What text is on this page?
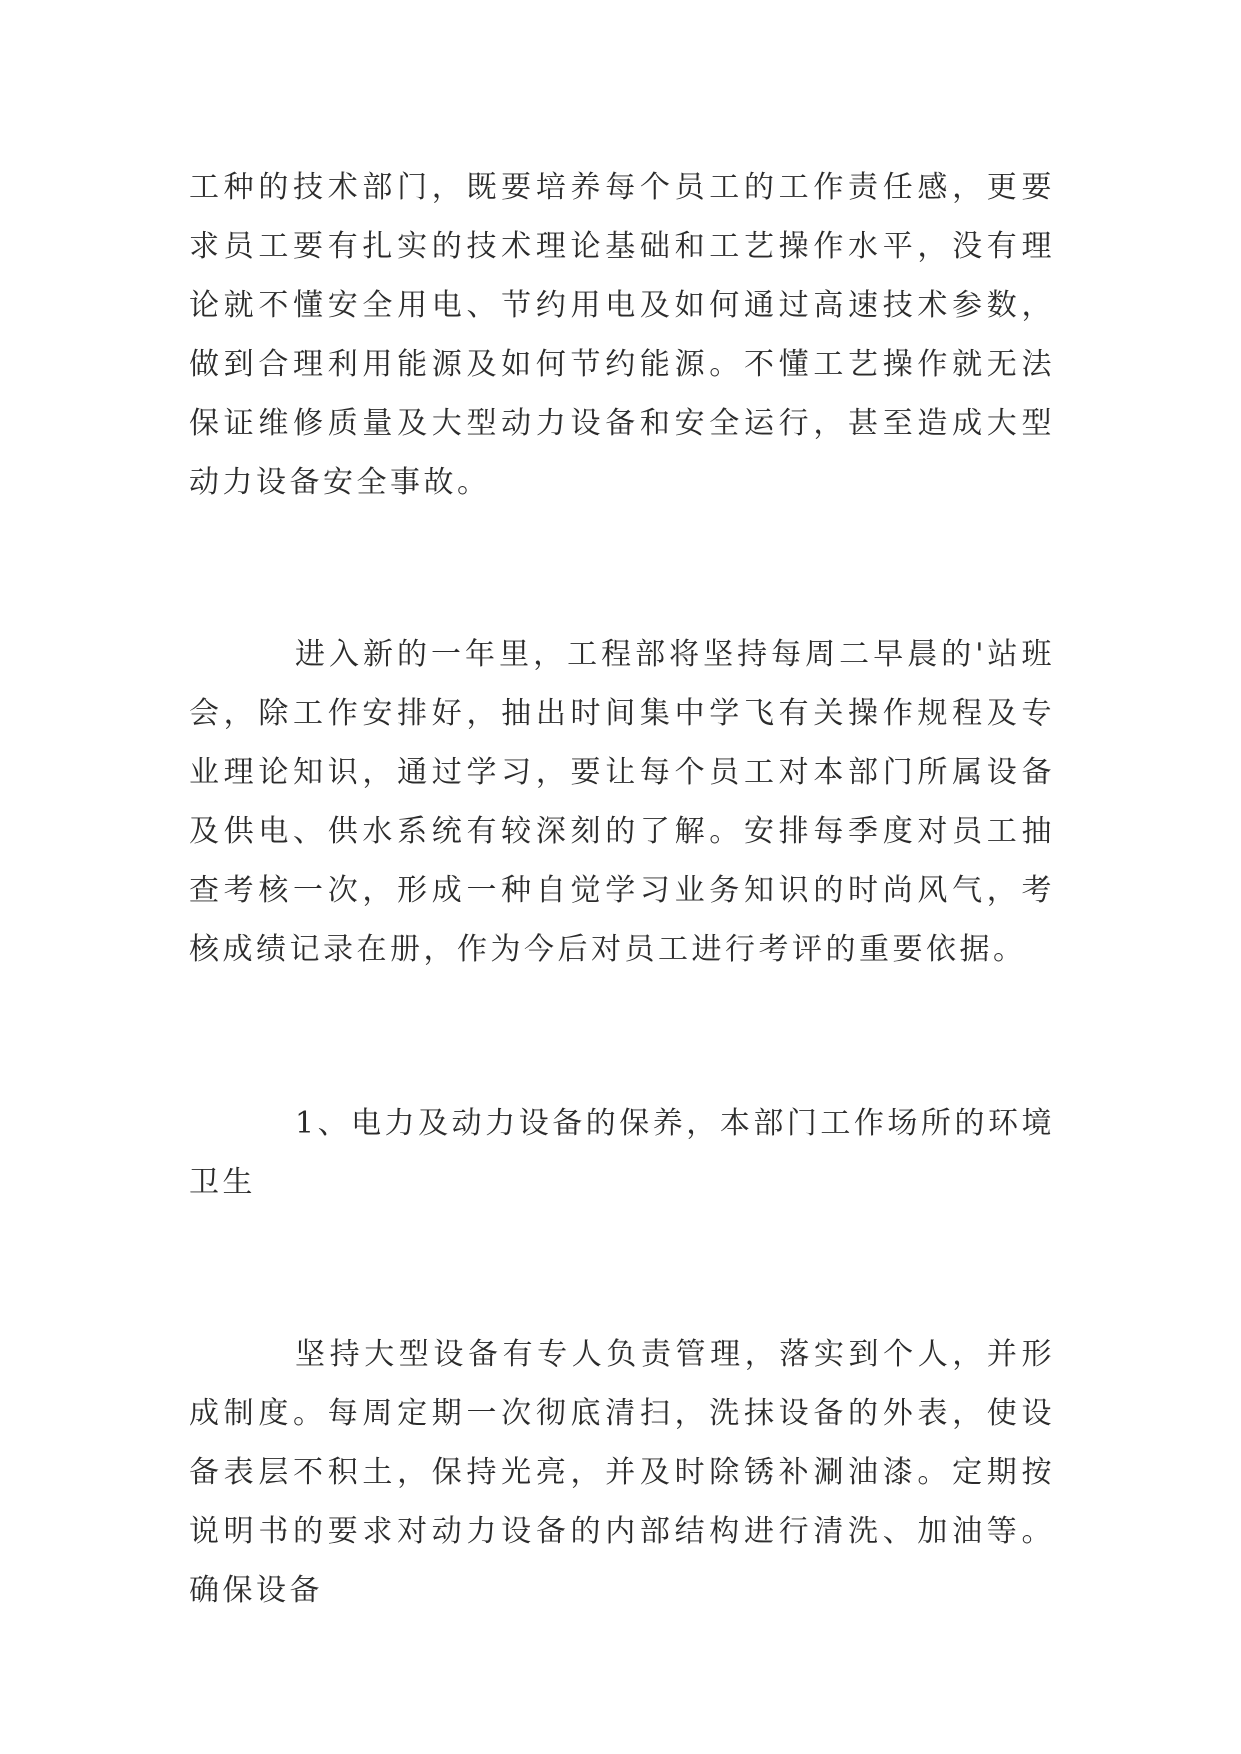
工种的技术部门，既要培养每个员工的工作责任感，更要求员工要有扎实的技术理论基础和工艺操作水平，没有理论就不懂安全用电、节约用电及如何通过高速技术参数，做到合理利用能源及如何节约能源。不懂工艺操作就无法保证维修质量及大型动力设备和安全运行，甚至造成大型动力设备安全事故。

进入新的一年里，工程部将坚持每周二早晨的'站班会，除工作安排好，抽出时间集中学飞有关操作规程及专业理论知识，通过学习，要让每个员工对本部门所属设备及供电、供水系统有较深刻的了解。安排每季度对员工抽查考核一次，形成一种自觉学习业务知识的时尚风气，考核成绩记录在册，作为今后对员工进行考评的重要依据。

1、电力及动力设备的保养，本部门工作场所的环境卫生

坚持大型设备有专人负责管理，落实到个人，并形成制度。每周定期一次彻底清扫，洗抹设备的外表，使设备表层不积土，保持光亮，并及时除锈补涮油漆。定期按说明书的要求对动力设备的内部结构进行清洗、加油等。确保设备
